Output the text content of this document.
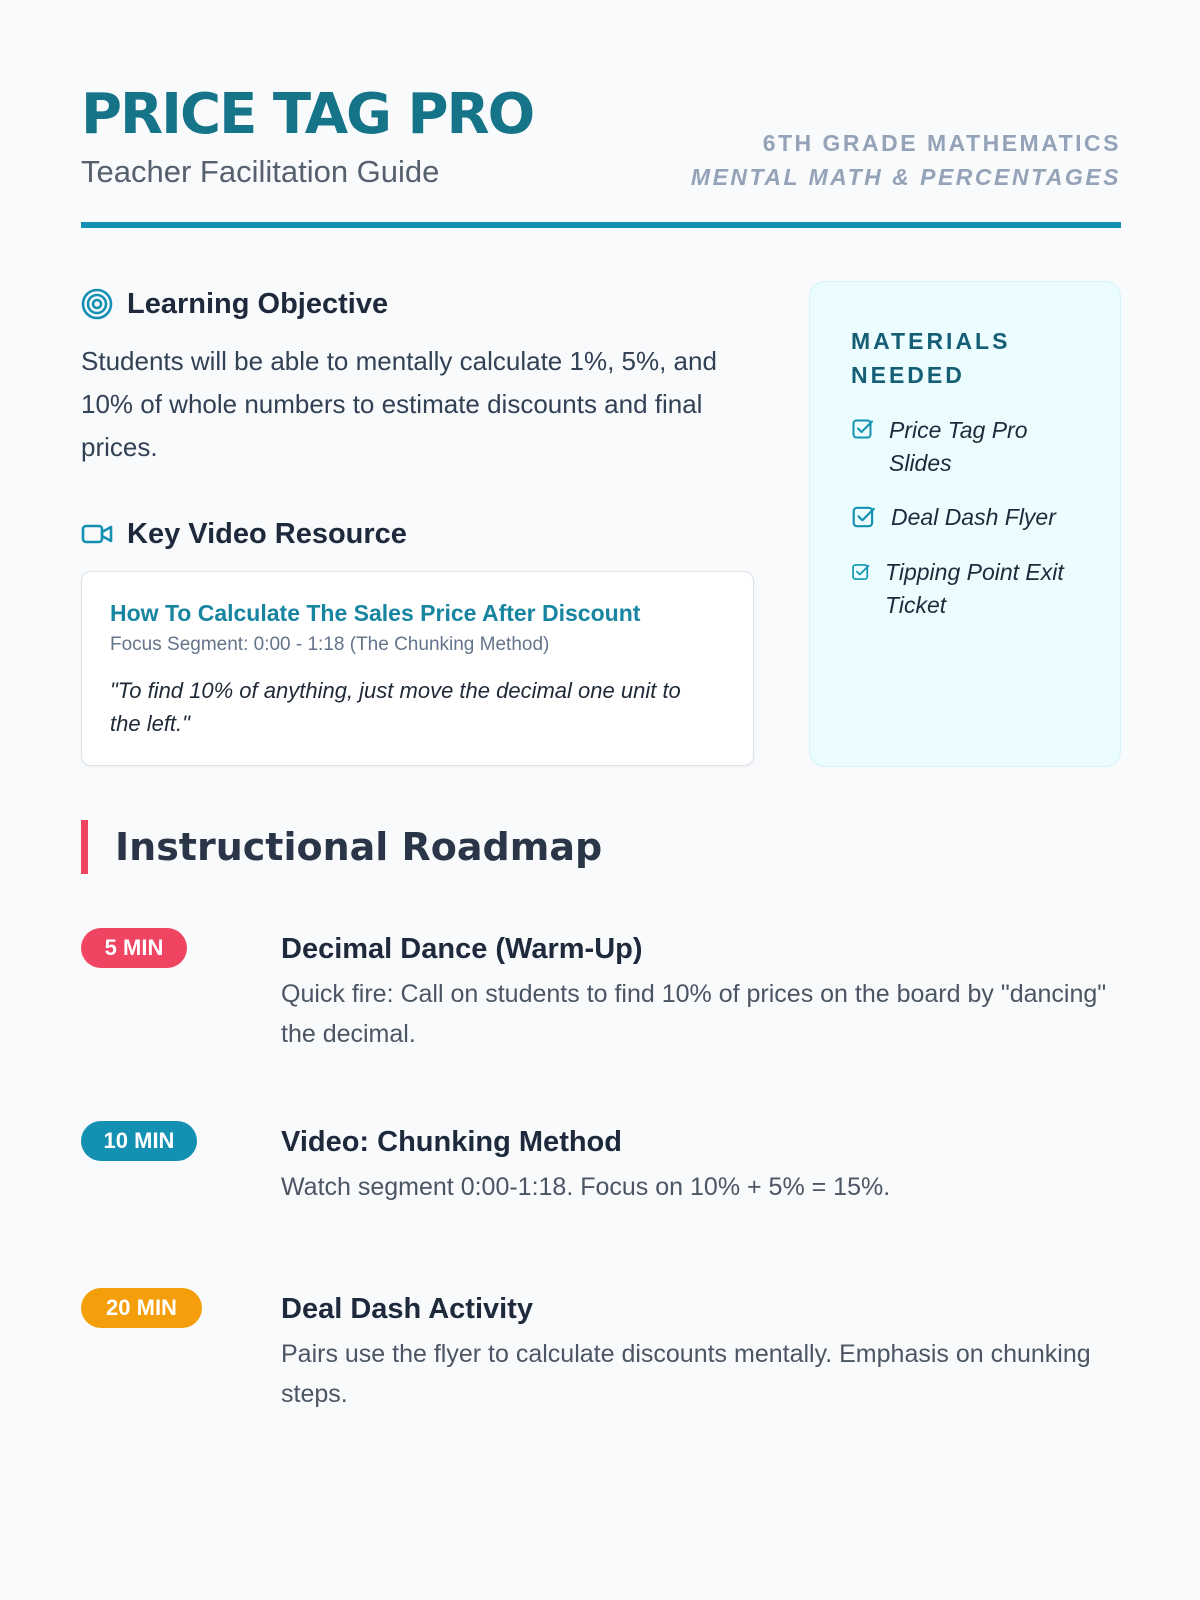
PRICE TAG PRO
Teacher Facilitation Guide
6TH GRADE MATHEMATICS
MENTAL MATH & PERCENTAGES
Learning Objective
Students will be able to mentally calculate 1%, 5%, and 10% of whole numbers to estimate discounts and final prices.
Key Video Resource
How To Calculate The Sales Price After Discount
Focus Segment: 0:00 - 1:18 (The Chunking Method)
"To find 10% of anything, just move the decimal one unit to the left."
MATERIALS NEEDED
Price Tag Pro Slides
Deal Dash Flyer
Tipping Point Exit Ticket
Instructional Roadmap
5 MIN	Decimal Dance (Warm-Up)
Quick fire: Call on students to find 10% of prices on the board by "dancing" the decimal.
10 MIN	Video: Chunking Method
Watch segment 0:00-1:18. Focus on 10% + 5% = 15%.
20 MIN	Deal Dash Activity
Pairs use the flyer to calculate discounts mentally. Emphasis on chunking steps.
